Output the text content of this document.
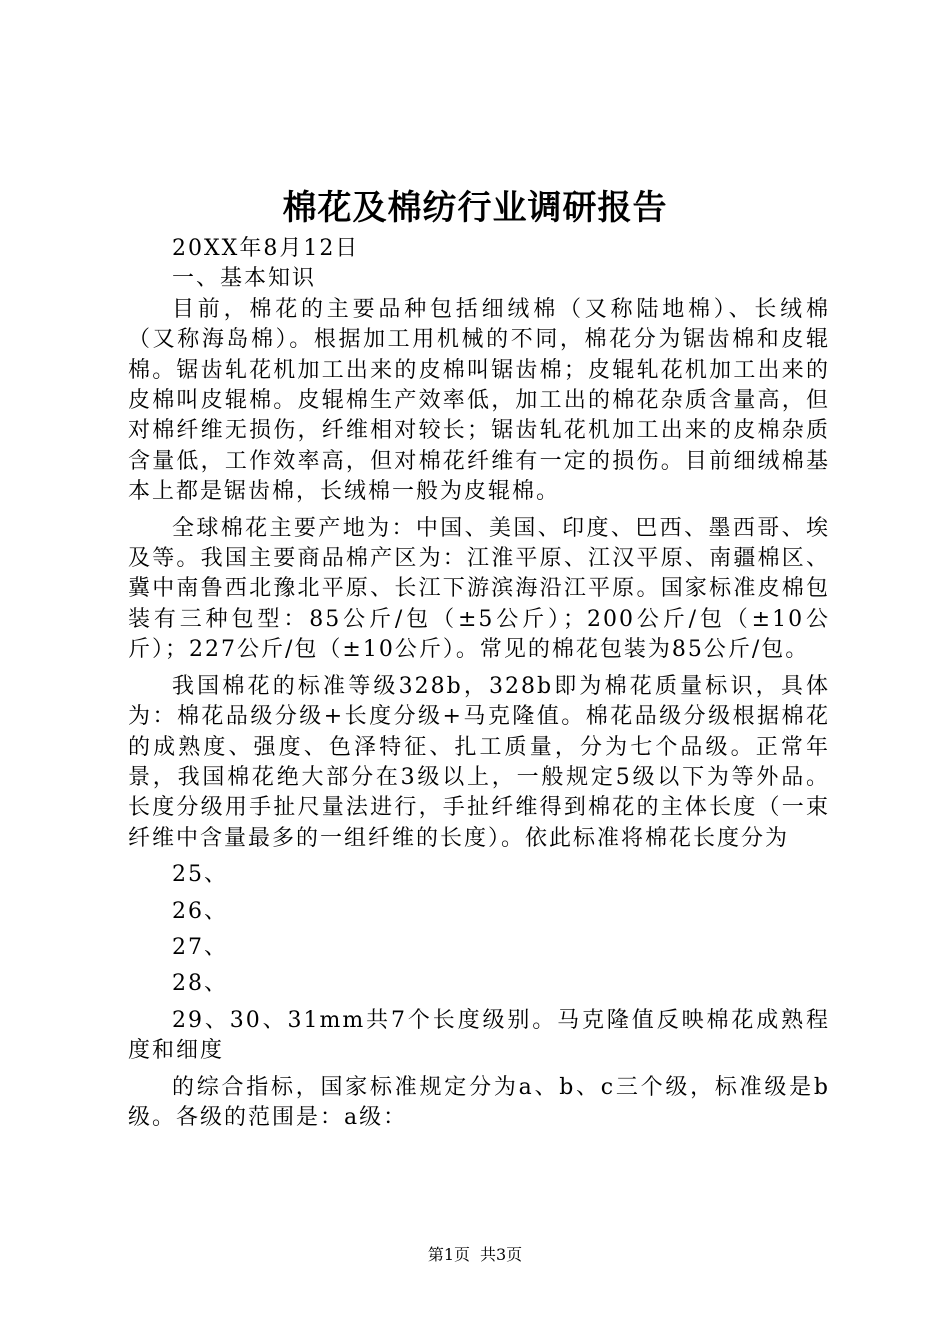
棉花及棉纺行业调研报告

20XX年8月12日

一、基本知识

目前，棉花的主要品种包括细绒棉（又称陆地棉）、长绒棉（又称海岛棉）。根据加工用机械的不同，棉花分为锯齿棉和皮辊棉。锯齿轧花机加工出来的皮棉叫锯齿棉；皮辊轧花机加工出来的皮棉叫皮辊棉。皮辊棉生产效率低，加工出的棉花杂质含量高，但对棉纤维无损伤，纤维相对较长；锯齿轧花机加工出来的皮棉杂质含量低，工作效率高，但对棉花纤维有一定的损伤。目前细绒棉基本上都是锯齿棉，长绒棉一般为皮辊棉。

全球棉花主要产地为：中国、美国、印度、巴西、墨西哥、埃及等。我国主要商品棉产区为：江淮平原、江汉平原、南疆棉区、冀中南鲁西北豫北平原、长江下游滨海沿江平原。国家标准皮棉包装有三种包型：85公斤/包（±5公斤）；200公斤/包（±10公斤）；227公斤/包（±10公斤）。常见的棉花包装为85公斤/包。

我国棉花的标准等级328b，328b即为棉花质量标识，具体为：棉花品级分级+长度分级+马克隆值。棉花品级分级根据棉花的成熟度、强度、色泽特征、扎工质量，分为七个品级。正常年景，我国棉花绝大部分在3级以上，一般规定5级以下为等外品。长度分级用手扯尺量法进行，手扯纤维得到棉花的主体长度（一束纤维中含量最多的一组纤维的长度）。依此标准将棉花长度分为

25、

26、

27、

28、

29、30、31mm共7个长度级别。马克隆值反映棉花成熟程度和细度

的综合指标，国家标准规定分为a、b、c三个级，标准级是b级。各级的范围是：a级：

第1页 共3页
